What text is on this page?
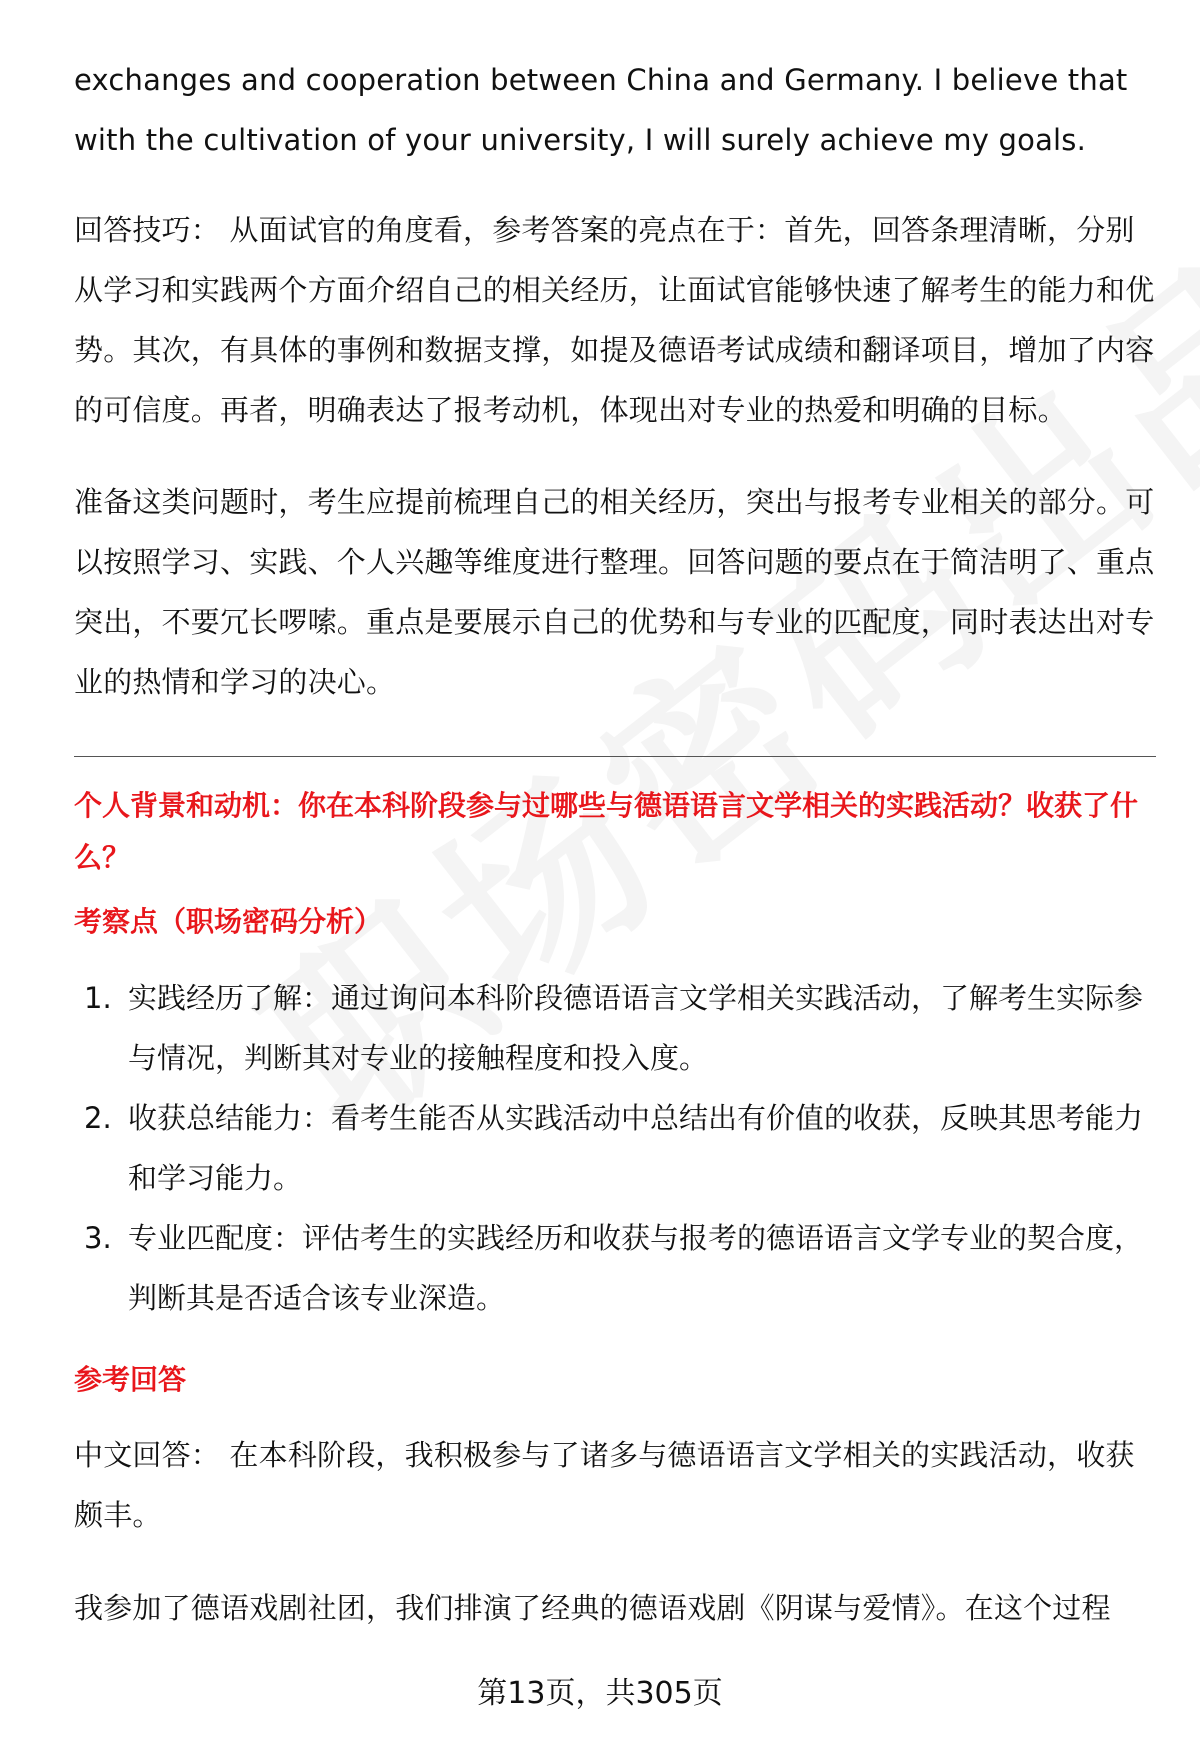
exchanges and cooperation between China and Germany. I believe that with the cultivation of your university, I will surely achieve my goals.

回答技巧： 从面试官的角度看，参考答案的亮点在于：首先，回答条理清晰，分别从学习和实践两个方面介绍自己的相关经历，让面试官能够快速了解考生的能力和优势。其次，有具体的事例和数据支撑，如提及德语考试成绩和翻译项目，增加了内容的可信度。再者，明确表达了报考动机，体现出对专业的热爱和明确的目标。

准备这类问题时，考生应提前梳理自己的相关经历，突出与报考专业相关的部分。可以按照学习、实践、个人兴趣等维度进行整理。回答问题的要点在于简洁明了、重点突出，不要冗长啰嗦。重点是要展示自己的优势和与专业的匹配度，同时表达出对专业的热情和学习的决心。

个人背景和动机：你在本科阶段参与过哪些与德语语言文学相关的实践活动？收获了什么？

考察点（职场密码分析）

1. 实践经历了解：通过询问本科阶段德语语言文学相关实践活动，了解考生实际参与情况，判断其对专业的接触程度和投入度。
2. 收获总结能力：看考生能否从实践活动中总结出有价值的收获，反映其思考能力和学习能力。
3. 专业匹配度：评估考生的实践经历和收获与报考的德语语言文学专业的契合度，判断其是否适合该专业深造。

参考回答

中文回答： 在本科阶段，我积极参与了诸多与德语语言文学相关的实践活动，收获颇丰。

我参加了德语戏剧社团，我们排演了经典的德语戏剧《阴谋与爱情》。在这个过程

第13页，共305页
